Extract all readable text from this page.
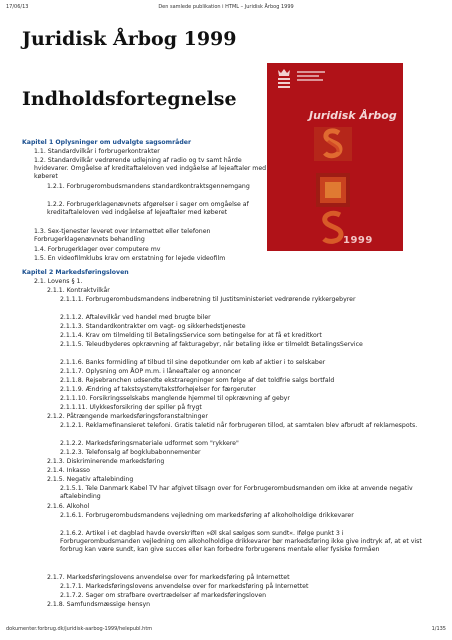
17/06/13	Den samlede publikation i HTML – Juridisk Årbog 1999
Juridisk Årbog 1999
Indholdsfortegnelse
Juridisk Årbog
1999
Kapitel 1 Oplysninger om udvalgte sagsområder
1.1. Standardvilkår i forbrugerkontrakter
1.2. Standardvilkår vedrørende udlejning af radio og tv samt hårde hvidevarer. Omgåelse af kreditaftaleloven ved indgåelse af lejeaftaler med køberet
1.2.1. Forbrugerombudsmandens standardkontraktsgennemgang
1.2.2. Forbrugerklagenævnets afgørelser i sager om omgåelse af kreditaftaleloven ved indgåelse af lejeaftaler med køberet
1.3. Sex-tjenester leveret over Internettet eller telefonen Forbrugerklagenævnets behandling
1.4. Forbrugerklager over computere mv
1.5. En videofilmklubs krav om erstatning for lejede videofilm
Kapitel 2 Markedsføringsloven
2.1. Lovens § 1.
2.1.1. Kontraktvilkår
2.1.1.1. Forbrugerombudsmandens indberetning til Justitsministeriet vedrørende rykkergebyrer
2.1.1.2. Aftalevilkår ved handel med brugte biler
2.1.1.3. Standardkontrakter om vagt- og sikkerhedstjeneste
2.1.1.4. Krav om tilmelding til BetalingsService som betingelse for at få et kreditkort
2.1.1.5. Teleudbyderes opkrævning af fakturagebyr, når betaling ikke er tilmeldt BetalingsService
2.1.1.6. Banks formidling af tilbud til sine depotkunder om køb af aktier i to selskaber
2.1.1.7. Oplysning om ÅOP m.m. i låneaftaler og annoncer
2.1.1.8. Rejsebranchen udsendte ekstraregninger som følge af det toldfrie salgs bortfald
2.1.1.9. Ændring af takstsystem/takstforhøjelser for færgeruter
2.1.1.10. Forsikringsselskabs manglende hjemmel til opkrævning af gebyr
2.1.1.11. Ulykkesforsikring der spiller på frygt
2.1.2. Påtrængende markedsføringsforanstaltninger
2.1.2.1. Reklamefinansieret telefoni. Gratis taletid når forbrugeren tillod, at samtalen blev afbrudt af reklamespots.
2.1.2.2. Markedsføringsmateriale udformet som "rykkere"
2.1.2.3. Telefonsalg af bogklubabonnementer
2.1.3. Diskriminerende markedsføring
2.1.4. Inkasso
2.1.5. Negativ aftalebinding
2.1.5.1. Tele Danmark Kabel TV har afgivet tilsagn over for Forbrugerombudsmanden om ikke at anvende negativ aftalebinding
2.1.6. Alkohol
2.1.6.1. Forbrugerombudsmandens vejledning om markedsføring af alkoholholdige drikkevarer
2.1.6.2. Artikel i et dagblad havde overskriften »Øl skal sælges som sundt«. Ifølge punkt 3 i Forbrugerombudsmanden vejledning om alkoholholdige drikkevarer bør markedsføring ikke give indtryk af, at et vist forbrug kan være sundt, kan give succes eller kan forbedre forbrugerens mentale eller fysiske formåen
2.1.7. Markedsføringslovens anvendelse over for markedsføring på Internettet
2.1.7.1. Markedsføringslovens anvendelse over for markedsføring på Internettet
2.1.7.2. Sager om strafbare overtrædelser af markedsføringsloven
2.1.8. Samfundsmæssige hensyn
dokumenter.forbrug.dk/juridisk-aarbog-1999/helepubl.htm	1/135
